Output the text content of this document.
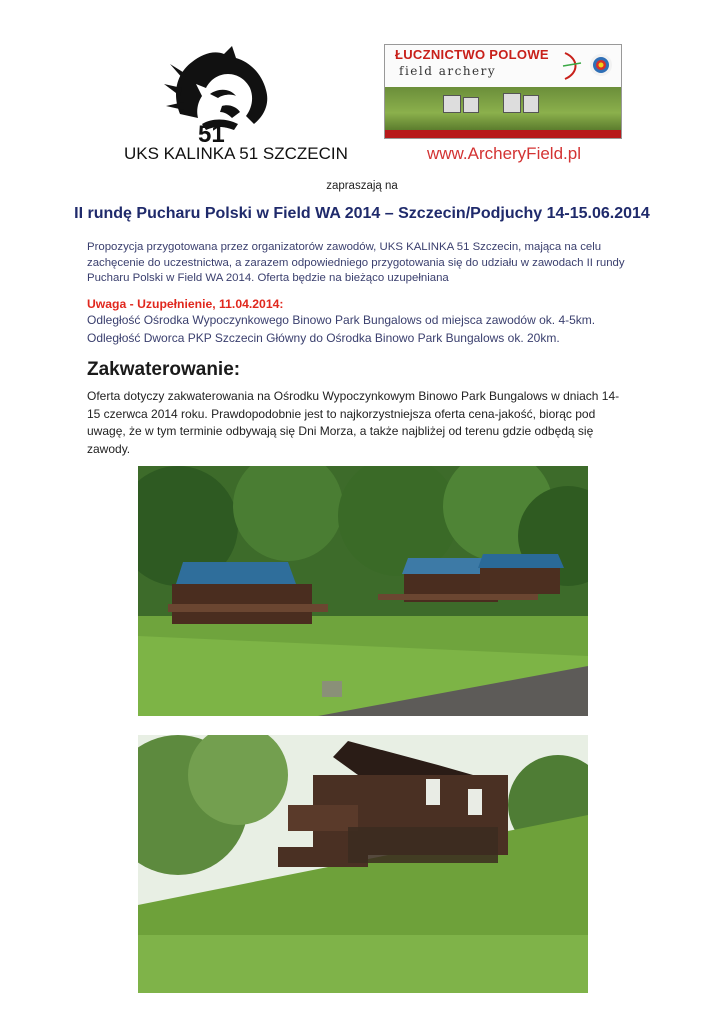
51
ŁUCZNICTWO POLOWE
field archery
UKS KALINKA 51 SZCZECIN	www.ArcheryField.pl
zapraszają na
II rundę Pucharu Polski w Field WA 2014 – Szczecin/Podjuchy 14-15.06.2014
Propozycja przygotowana przez organizatorów zawodów, UKS KALINKA 51 Szczecin, mająca na celu zachęcenie do uczestnictwa, a zarazem odpowiedniego przygotowania się do udziału w zawodach II rundy Pucharu Polski w Field WA 2014. Oferta będzie na bieżąco uzupełniana
Uwaga - Uzupełnienie, 11.04.2014:
Odległość Ośrodka Wypoczynkowego Binowo Park Bungalows od miejsca zawodów ok. 4-5km.
Odległość Dworca PKP Szczecin Główny do Ośrodka Binowo Park Bungalows ok. 20km.
Zakwaterowanie:
Oferta dotyczy zakwaterowania na Ośrodku Wypoczynkowym Binowo Park Bungalows w dniach 14-15 czerwca 2014 roku. Prawdopodobnie jest to najkorzystniejsza oferta cena-jakość, biorąc pod uwagę, że w tym terminie odbywają się Dni Morza, a także najbliżej od terenu gdzie odbędą się zawody.
